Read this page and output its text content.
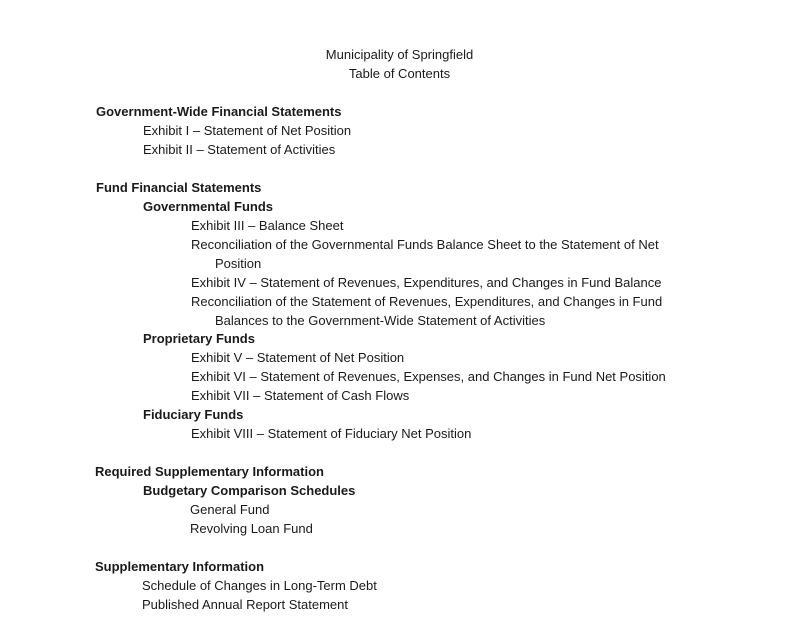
Municipality of Springfield
Table of Contents
Government-Wide Financial Statements
Exhibit I – Statement of Net Position
Exhibit II – Statement of Activities
Fund Financial Statements
Governmental Funds
Exhibit III – Balance Sheet
Reconciliation of the Governmental Funds Balance Sheet to the Statement of Net
Position
Exhibit IV – Statement of Revenues, Expenditures, and Changes in Fund Balance
Reconciliation of the Statement of Revenues, Expenditures, and Changes in Fund
Balances to the Government-Wide Statement of Activities
Proprietary Funds
Exhibit V – Statement of Net Position
Exhibit VI – Statement of Revenues, Expenses, and Changes in Fund Net Position
Exhibit VII – Statement of Cash Flows
Fiduciary Funds
Exhibit VIII – Statement of Fiduciary Net Position
Required Supplementary Information
Budgetary Comparison Schedules
General Fund
Revolving Loan Fund
Supplementary Information
Schedule of Changes in Long-Term Debt
Published Annual Report Statement
